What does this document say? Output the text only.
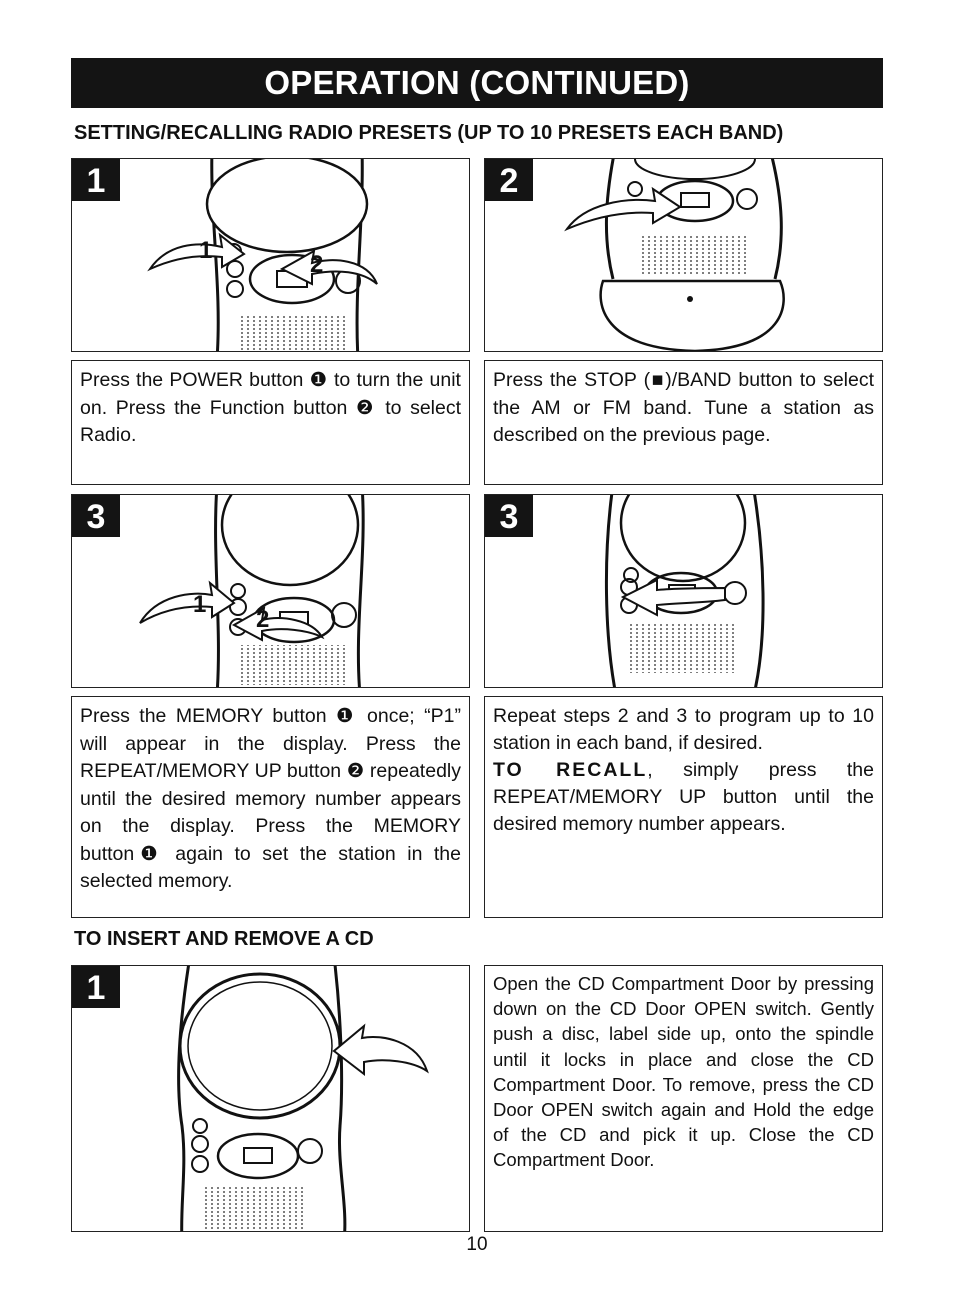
OPERATION (CONTINUED)
SETTING/RECALLING RADIO PRESETS (UP TO 10 PRESETS EACH BAND)
1
1
2
2
Press the POWER button ❶ to turn the unit on. Press the Function button ❷ to select Radio.
Press the STOP (■)/BAND button to select the AM or FM band. Tune a station as described on the previous page.
3
1
2
3
Press the MEMORY button ❶ once; “P1” will appear in the display. Press the REPEAT/MEMORY UP button ❷ repeatedly until the desired memory number appears on the display. Press the MEMORY button❶ again to set the station in the selected memory.
Repeat steps 2 and 3 to program up to 10 station in each band, if desired.
TO RECALL, simply press the REPEAT/MEMORY UP button until the desired memory number appears.
TO INSERT AND REMOVE A CD
1	Open the CD Compartment Door by pressing down on the CD Door OPEN switch. Gently push a disc, label side up, onto the spindle until it locks in place and close the CD Compartment Door. To remove, press the CD Door OPEN switch again and Hold the edge of the CD and pick it up. Close the CD Compartment Door.
10
